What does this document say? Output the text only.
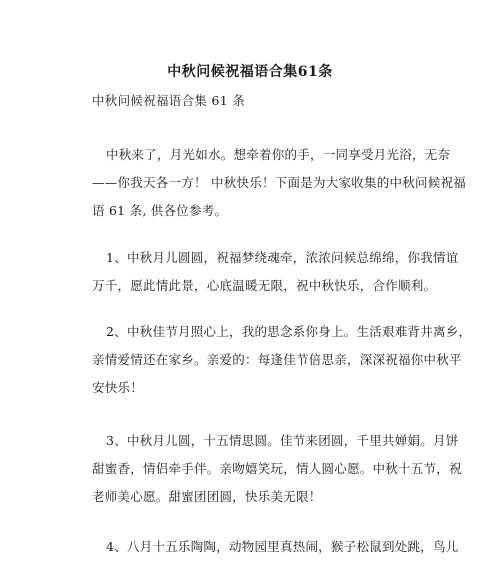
中秋问候祝福语合集61条
中秋问候祝福语合集 61 条
中秋来了，月光如水。想牵着你的手，一同享受月光浴，无奈
——你我天各一方！ 中秋快乐！下面是为大家收集的中秋问候祝福
语 61 条, 供各位参考。
1、中秋月儿圆圆，祝福梦绕魂牵，浓浓问候总绵绵，你我情谊
万千，愿此情此景，心底温暖无限，祝中秋快乐，合作顺利。
2、中秋佳节月照心上，我的思念系你身上。生活艰难背井离乡，
亲情爱情还在家乡。亲爱的：每逢佳节倍思亲，深深祝福你中秋平
安快乐！
3、中秋月儿圆，十五情思圆。佳节来团圆，千里共婵娟。月饼
甜蜜香，情侣牵手伴。亲吻嬉笑玩，情人圆心愿。中秋十五节，祝
老师美心愿。甜蜜团团圆，快乐美无限！
4、八月十五乐陶陶，动物园里真热闹，猴子松鼠到处跳，鸟儿
